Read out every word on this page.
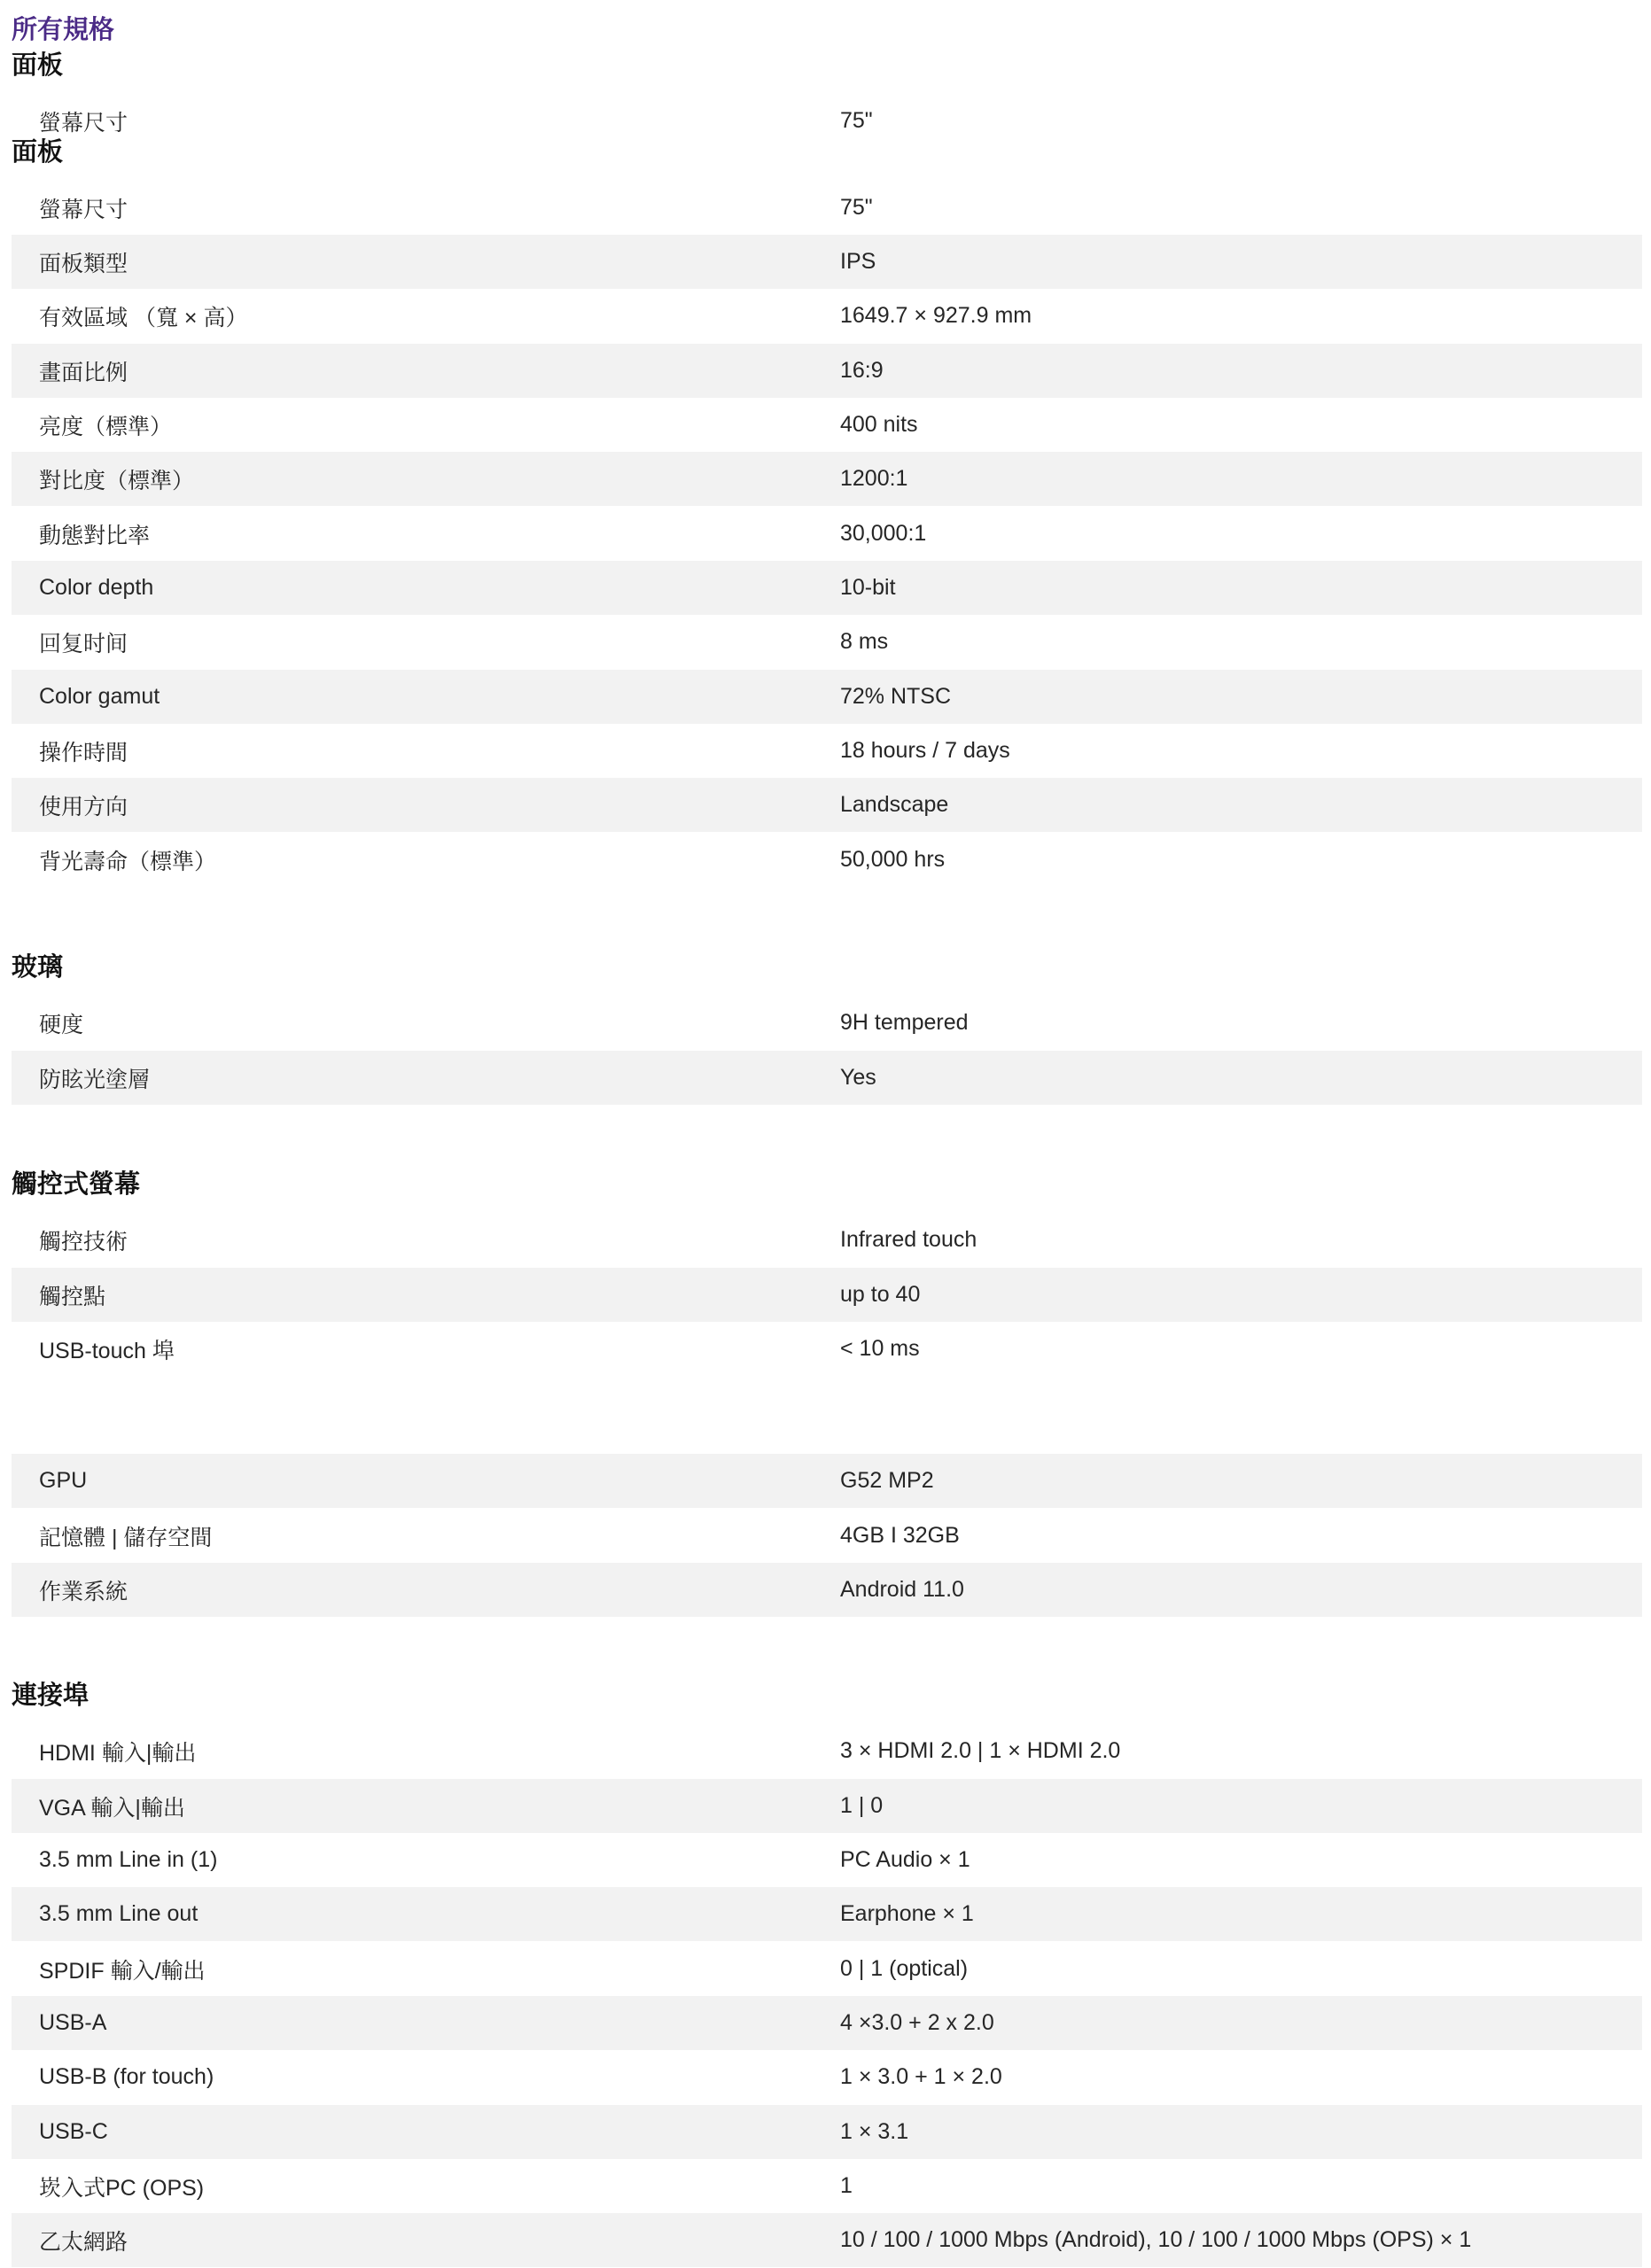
所有規格
面板
螢幕尺寸	75"
面板
螢幕尺寸	75"
面板類型	IPS
有效區域 （寬 × 高）	1649.7 × 927.9 mm
畫面比例	16:9
亮度（標準）	400 nits
對比度（標準）	1200:1
動態對比率	30,000:1
Color depth	10-bit
回复时间	8 ms
Color gamut	72% NTSC
操作時間	18 hours / 7 days
使用方向	Landscape
背光壽命（標準）	50,000 hrs
玻璃
硬度	9H tempered
防眩光塗層	Yes
觸控式螢幕
觸控技術	Infrared touch
觸控點	up to 40
USB-touch 埠	< 10 ms
GPU	G52 MP2
記憶體 | 儲存空間	4GB I 32GB
作業系統	Android 11.0
連接埠
HDMI 輸入|輸出	3 × HDMI 2.0 | 1 × HDMI 2.0
VGA 輸入|輸出	1 | 0
3.5 mm Line in (1)	PC Audio × 1
3.5 mm Line out	Earphone × 1
SPDIF 輸入/輸出	0 | 1 (optical)
USB-A	4 ×3.0 + 2 x 2.0
USB-B (for touch)	1 × 3.0 + 1 × 2.0
USB-C	1 × 3.1
崁入式PC (OPS)	1
乙太網路	10 / 100 / 1000 Mbps (Android), 10 / 100 / 1000 Mbps (OPS) × 1
